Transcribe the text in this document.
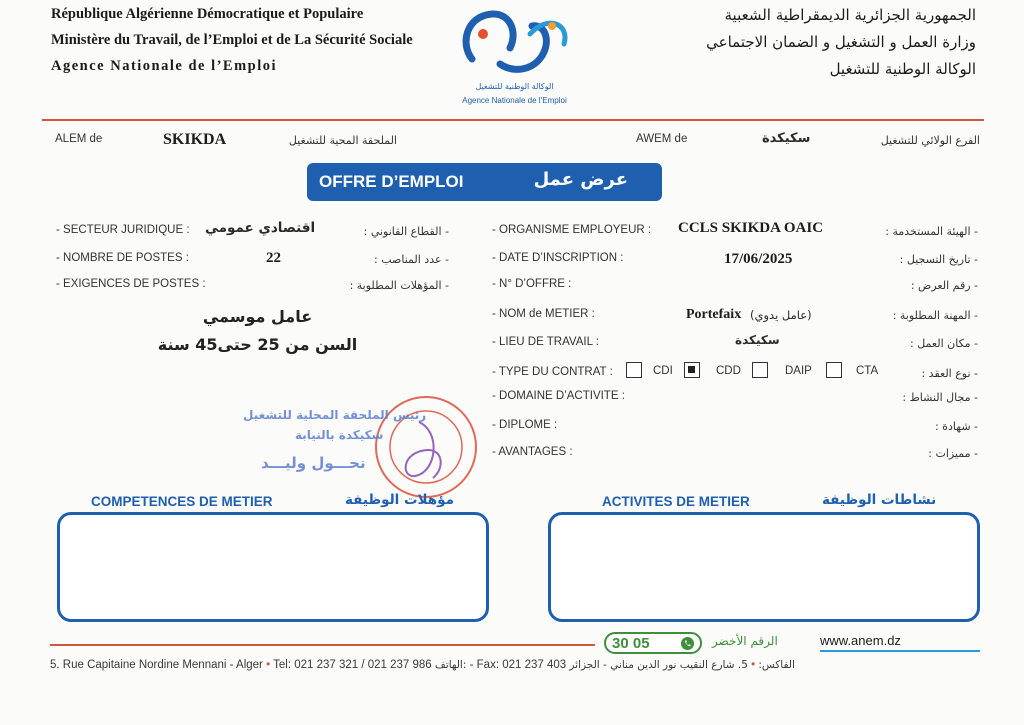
République Algérienne Démocratique et Populaire
Ministère du Travail, de l’Emploi et de La Sécurité Sociale
Agence Nationale de l’Emploi
الجمهورية الجزائرية الديمقراطية الشعبية
وزارة العمل و التشغيل و الضمان الاجتماعي
الوكالة الوطنية للتشغيل
الوكالة الوطنية للتشغيل
Agence Nationale de l’Emploi
ALEM de	SKIKDA	الملحقة المحية للتشغيل	AWEM de	سكيكدة	الفرع الولائي للتشغيل
OFFRE D’EMPLOI	عرض عمل
- SECTEUR JURIDIQUE : اقتصادي عمومي	- القطاع القانوني :
- NOMBRE DE POSTES :	22	- عدد المناصب :
- EXIGENCES DE POSTES :	- المؤهلات المطلوبة :
عامل موسمي
السن من 25 حتى45 سنة
رئيس الملحقة المحلية للتشغيل
سكيكدة بالنيابة
نحـــول وليـــد
- ORGANISME EMPLOYEUR : CCLS SKIKDA OAIC	- الهيئة المستخدمة :
- DATE D’INSCRIPTION :	17/06/2025	- تاريخ التسجيل :
- N° D’OFFRE :	- رقم العرض :
- NOM de METIER :	Portefaix (عامل يدوي)	- المهنة المطلوبة :
- LIEU DE TRAVAIL :	سكيكدة	- مكان العمل :
- TYPE DU CONTRAT :	CDI	CDD	DAIP	CTA	- نوع العقد :
- DOMAINE D’ACTIVITE :	- مجال النشاط :
- DIPLOME :	- شهادة :
- AVANTAGES :	- مميزات :
COMPETENCES DE METIER	مؤهلات الوظيفة	ACTIVITES DE METIER	نشاطات الوظيفة
30 05	الرقم الأخضر	www.anem.dz
5. Rue Capitaine Nordine Mennani - Alger • Tel: 021 237 321 / 021 237 986 الهاتف: - Fax: 021 237 403	الفاكس: • 5. شارع النقيب نور الدين مناني - الجزائر
